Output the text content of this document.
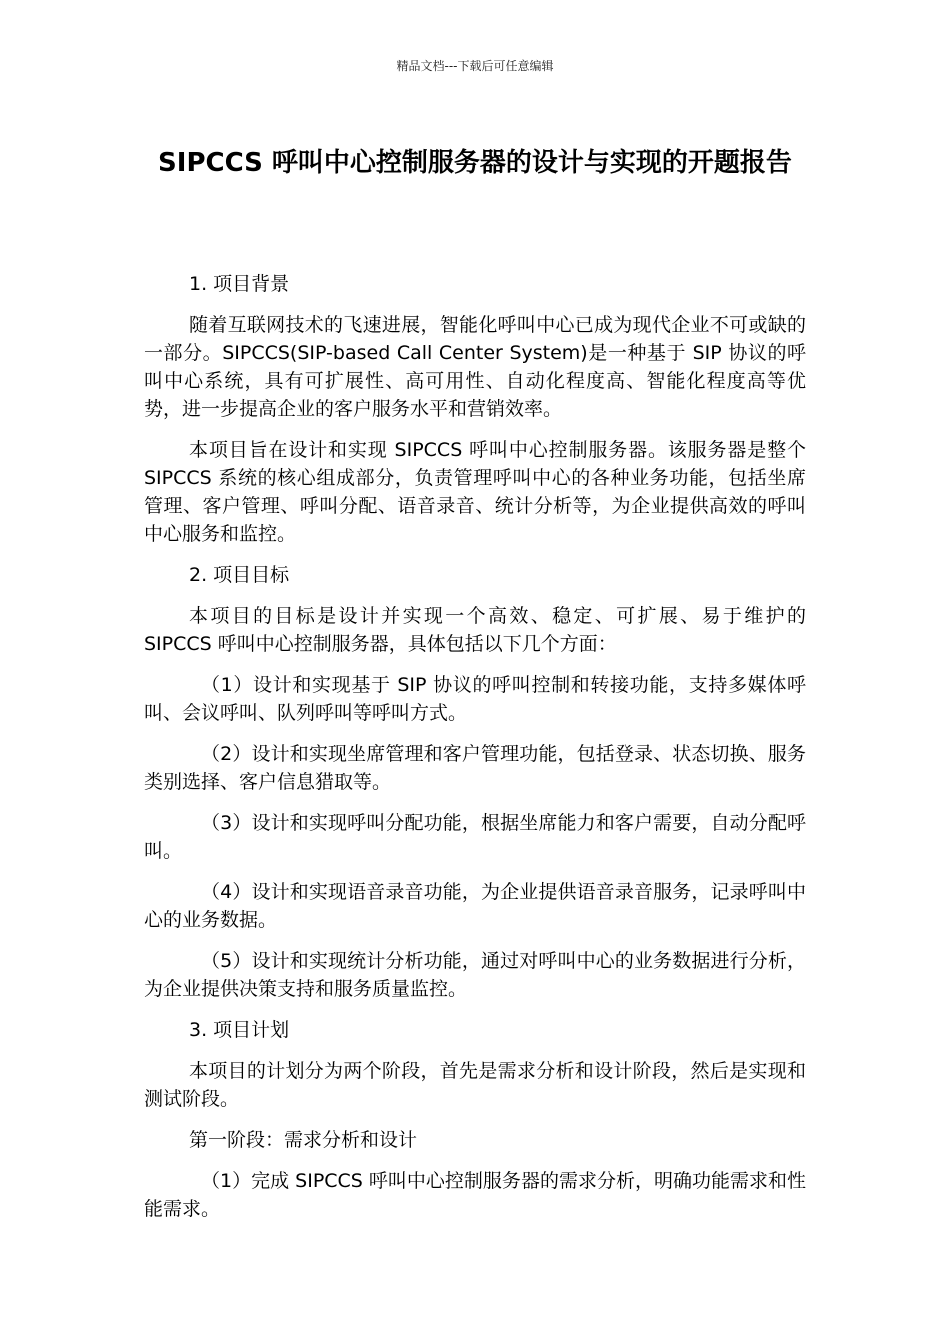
精品文档---下载后可任意编辑
SIPCCS 呼叫中心控制服务器的设计与实现的开题报告

1. 项目背景

随着互联网技术的飞速进展，智能化呼叫中心已成为现代企业不可或缺的一部分。SIPCCS(SIP-based Call Center System)是一种基于 SIP 协议的呼叫中心系统，具有可扩展性、高可用性、自动化程度高、智能化程度高等优势，进一步提高企业的客户服务水平和营销效率。

本项目旨在设计和实现 SIPCCS 呼叫中心控制服务器。该服务器是整个 SIPCCS 系统的核心组成部分，负责管理呼叫中心的各种业务功能，包括坐席管理、客户管理、呼叫分配、语音录音、统计分析等，为企业提供高效的呼叫中心服务和监控。

2. 项目目标

本项目的目标是设计并实现一个高效、稳定、可扩展、易于维护的 SIPCCS 呼叫中心控制服务器，具体包括以下几个方面：

（1）设计和实现基于 SIP 协议的呼叫控制和转接功能，支持多媒体呼叫、会议呼叫、队列呼叫等呼叫方式。

（2）设计和实现坐席管理和客户管理功能，包括登录、状态切换、服务类别选择、客户信息猎取等。

（3）设计和实现呼叫分配功能，根据坐席能力和客户需要，自动分配呼叫。

（4）设计和实现语音录音功能，为企业提供语音录音服务，记录呼叫中心的业务数据。

（5）设计和实现统计分析功能，通过对呼叫中心的业务数据进行分析，为企业提供决策支持和服务质量监控。

3. 项目计划

本项目的计划分为两个阶段，首先是需求分析和设计阶段，然后是实现和测试阶段。

第一阶段：需求分析和设计

（1）完成 SIPCCS 呼叫中心控制服务器的需求分析，明确功能需求和性能需求。
